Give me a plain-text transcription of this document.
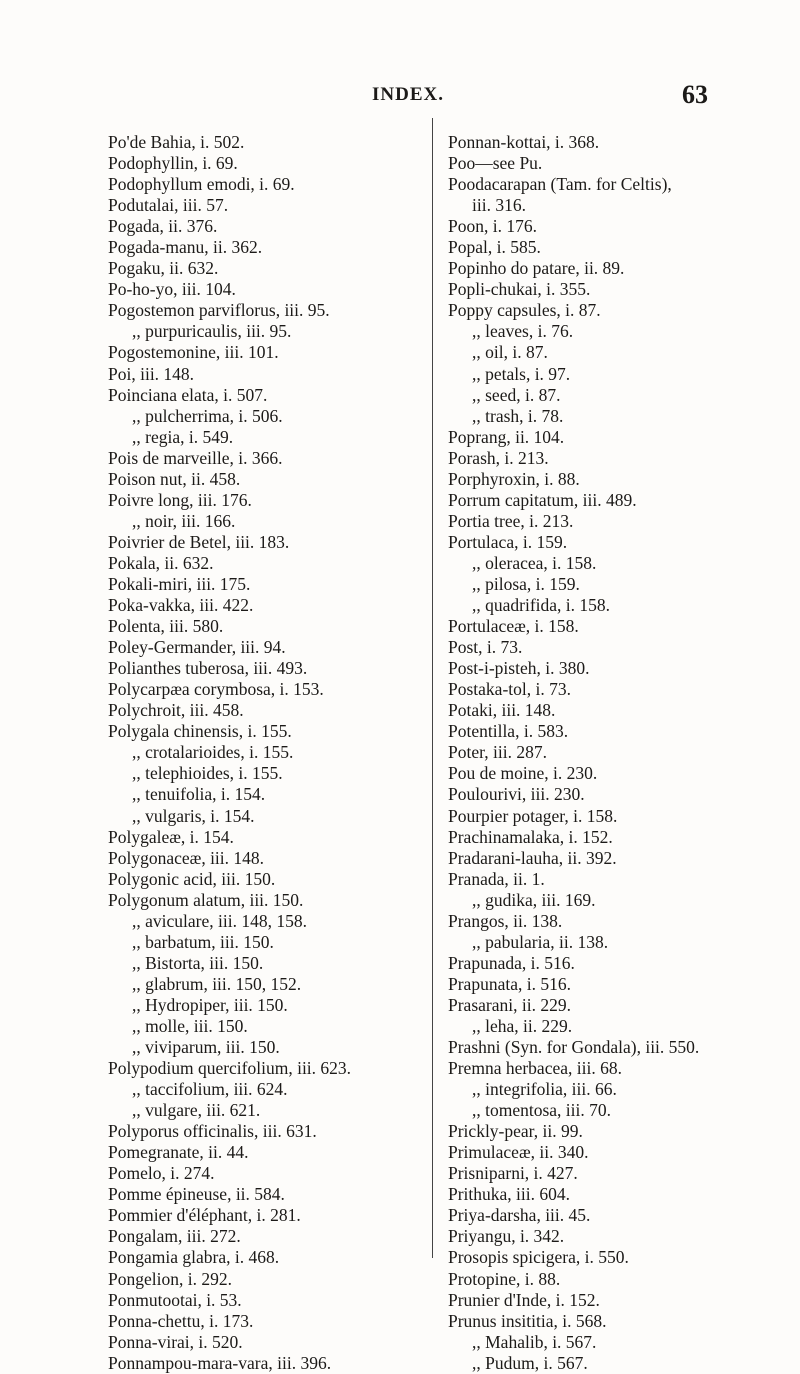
INDEX.	63
Po'de Bahia, i. 502.
Podophyllin, i. 69.
Podophyllum emodi, i. 69.
Podutalai, iii. 57.
Pogada, ii. 376.
Pogada-manu, ii. 362.
Pogaku, ii. 632.
Po-ho-yo, iii. 104.
Pogostemon parviflorus, iii. 95.
,, purpuricaulis, iii. 95.
Pogostemonine, iii. 101.
Poi, iii. 148.
Poinciana elata, i. 507.
,, pulcherrima, i. 506.
,, regia, i. 549.
Pois de marveille, i. 366.
Poison nut, ii. 458.
Poivre long, iii. 176.
,, noir, iii. 166.
Poivrier de Betel, iii. 183.
Pokala, ii. 632.
Pokali-miri, iii. 175.
Poka-vakka, iii. 422.
Polenta, iii. 580.
Poley-Germander, iii. 94.
Polianthes tuberosa, iii. 493.
Polycarpæa corymbosa, i. 153.
Polychroit, iii. 458.
Polygala chinensis, i. 155.
,, crotalarioides, i. 155.
,, telephioides, i. 155.
,, tenuifolia, i. 154.
,, vulgaris, i. 154.
Polygaleæ, i. 154.
Polygonaceæ, iii. 148.
Polygonic acid, iii. 150.
Polygonum alatum, iii. 150.
,, aviculare, iii. 148, 158.
,, barbatum, iii. 150.
,, Bistorta, iii. 150.
,, glabrum, iii. 150, 152.
,, Hydropiper, iii. 150.
,, molle, iii. 150.
,, viviparum, iii. 150.
Polypodium quercifolium, iii. 623.
,, taccifolium, iii. 624.
,, vulgare, iii. 621.
Polyporus officinalis, iii. 631.
Pomegranate, ii. 44.
Pomelo, i. 274.
Pomme épineuse, ii. 584.
Pommier d'éléphant, i. 281.
Pongalam, iii. 272.
Pongamia glabra, i. 468.
Pongelion, i. 292.
Ponmutootai, i. 53.
Ponna-chettu, i. 173.
Ponna-virai, i. 520.
Ponnampou-mara-vara, iii. 396.
Ponnan-kottai, i. 368.
Poo—see Pu.
Poodacarapan (Tam. for Celtis),
iii. 316.
Poon, i. 176.
Popal, i. 585.
Popinho do patare, ii. 89.
Popli-chukai, i. 355.
Poppy capsules, i. 87.
,, leaves, i. 76.
,, oil, i. 87.
,, petals, i. 97.
,, seed, i. 87.
,, trash, i. 78.
Poprang, ii. 104.
Porash, i. 213.
Porphyroxin, i. 88.
Porrum capitatum, iii. 489.
Portia tree, i. 213.
Portulaca, i. 159.
,, oleracea, i. 158.
,, pilosa, i. 159.
,, quadrifida, i. 158.
Portulaceæ, i. 158.
Post, i. 73.
Post-i-pisteh, i. 380.
Postaka-tol, i. 73.
Potaki, iii. 148.
Potentilla, i. 583.
Poter, iii. 287.
Pou de moine, i. 230.
Poulourivi, iii. 230.
Pourpier potager, i. 158.
Prachinamalaka, i. 152.
Pradarani-lauha, ii. 392.
Pranada, ii. 1.
,, gudika, iii. 169.
Prangos, ii. 138.
,, pabularia, ii. 138.
Prapunada, i. 516.
Prapunata, i. 516.
Prasarani, ii. 229.
,, leha, ii. 229.
Prashni (Syn. for Gondala), iii. 550.
Premna herbacea, iii. 68.
,, integrifolia, iii. 66.
,, tomentosa, iii. 70.
Prickly-pear, ii. 99.
Primulaceæ, ii. 340.
Prisniparni, i. 427.
Prithuka, iii. 604.
Priya-darsha, iii. 45.
Priyangu, i. 342.
Prosopis spicigera, i. 550.
Protopine, i. 88.
Prunier d'Inde, i. 152.
Prunus insititia, i. 568.
,, Mahalib, i. 567.
,, Pudum, i. 567.
